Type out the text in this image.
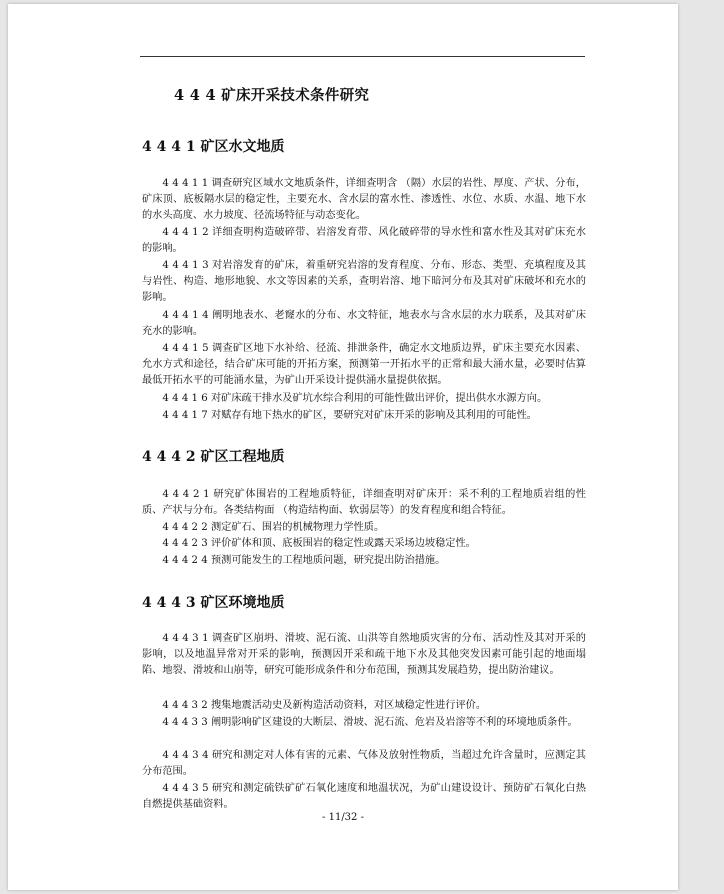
4 4 4 矿床开采技术条件研究
4 4 4 1 矿区水文地质

4 4 4 1 1 调查研究区域水文地质条件，详细查明含 （隔）水层的岩性、厚度、产状、分布，矿床顶、底板隔水层的稳定性，主要充水、含水层的富水性、渗透性、水位、水质、水温、地下水的水头高度、水力坡度、径流场特征与动态变化。

4 4 4 1 2 详细查明构造破碎带、岩溶发育带、风化破碎带的导水性和富水性及其对矿床充水的影响。

4 4 4 1 3 对岩溶发育的矿床，着重研究岩溶的发育程度、分布、形态、类型、充填程度及其与岩性、构造、地形地貌、水文等因素的关系，查明岩溶、地下暗河分布及其对矿床破坏和充水的影响。

4 4 4 1 4 阐明地表水、老窿水的分布、水文特征，地表水与含水层的水力联系，及其对矿床充水的影响。

4 4 4 1 5 调查矿区地下水补给、径流、排泄条件，确定水文地质边界，矿床主要充水因素、允水方式和途径，结合矿床可能的开拓方案，预测第一开拓水平的正常和最大涌水量，必要时估算最低开拓水平的可能涌水量，为矿山开采设计提供涌水量提供依据。

4 4 4 1 6 对矿床疏干排水及矿坑水综合利用的可能性做出评价，提出供水水源方向。

4 4 4 1 7 对赋存有地下热水的矿区，要研究对矿床开采的影响及其利用的可能性。

4 4 4 2 矿区工程地质

4 4 4 2 1 研究矿体围岩的工程地质特征，详细查明对矿床开：采不利的工程地质岩组的性质、产状与分布。各类结构面 （构造结构面、软弱层等）的发育程度和组合特征。

4 4 4 2 2 测定矿石、围岩的机械物理力学性质。

4 4 4 2 3 评价矿体和顶、底板围岩的稳定性或露天采场边坡稳定性。

4 4 4 2 4 预测可能发生的工程地质问题，研究提出防治措施。

4 4 4 3 矿区环境地质

4 4 4 3 1 调查矿区崩坍、滑坡、泥石流、山洪等自然地质灾害的分布、活动性及其对开采的影响，以及地温异常对开采的影响，预测因开采和疏干地下水及其他突发因素可能引起的地面塌陷、地裂、滑坡和山崩等，研究可能形成条件和分布范围，预测其发展趋势，提出防治建议。

4 4 4 3 2 搜集地震活动史及新构造活动资料，对区域稳定性进行评价。

4 4 4 3 3 阐明影响矿区建设的大断层、滑坡、泥石流、危岩及岩溶等不利的环境地质条件。

4 4 4 3 4 研究和测定对人体有害的元素、气体及放射性物质，当超过允许含量时，应测定其分布范围。

4 4 4 3 5 研究和测定硫铁矿矿石氧化速度和地温状况，为矿山建设设计、预防矿石氧化白热自燃提供基础资料。

- 11/32 -
